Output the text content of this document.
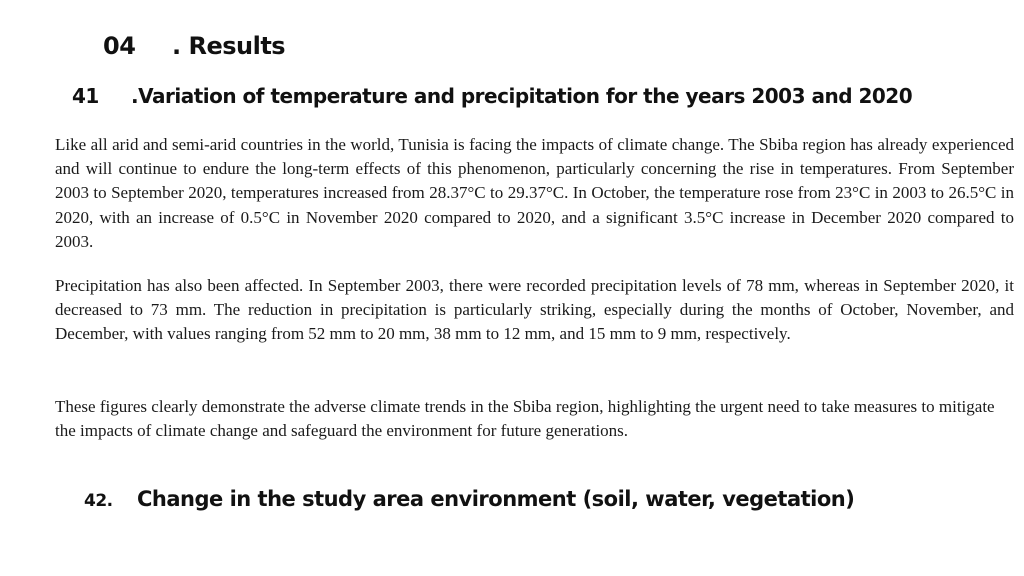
04 . Results
41 .Variation of temperature and precipitation for the years 2003 and 2020

Like all arid and semi-arid countries in the world, Tunisia is facing the impacts of climate change. The Sbiba region has already experienced and will continue to endure the long-term effects of this phenomenon, particularly concerning the rise in temperatures. From September 2003 to September 2020, temperatures increased from 28.37°C to 29.37°C. In October, the temperature rose from 23°C in 2003 to 26.5°C in 2020, with an increase of 0.5°C in November 2020 compared to 2020, and a significant 3.5°C increase in December 2020 compared to 2003.

Precipitation has also been affected. In September 2003, there were recorded precipitation levels of 78 mm, whereas in September 2020, it decreased to 73 mm. The reduction in precipitation is particularly striking, especially during the months of October, November, and December, with values ranging from 52 mm to 20 mm, 38 mm to 12 mm, and 15 mm to 9 mm, respectively.

These figures clearly demonstrate the adverse climate trends in the Sbiba region, highlighting the urgent need to take measures to mitigate the impacts of climate change and safeguard the environment for future generations.

42. Change in the study area environment (soil, water, vegetation)
